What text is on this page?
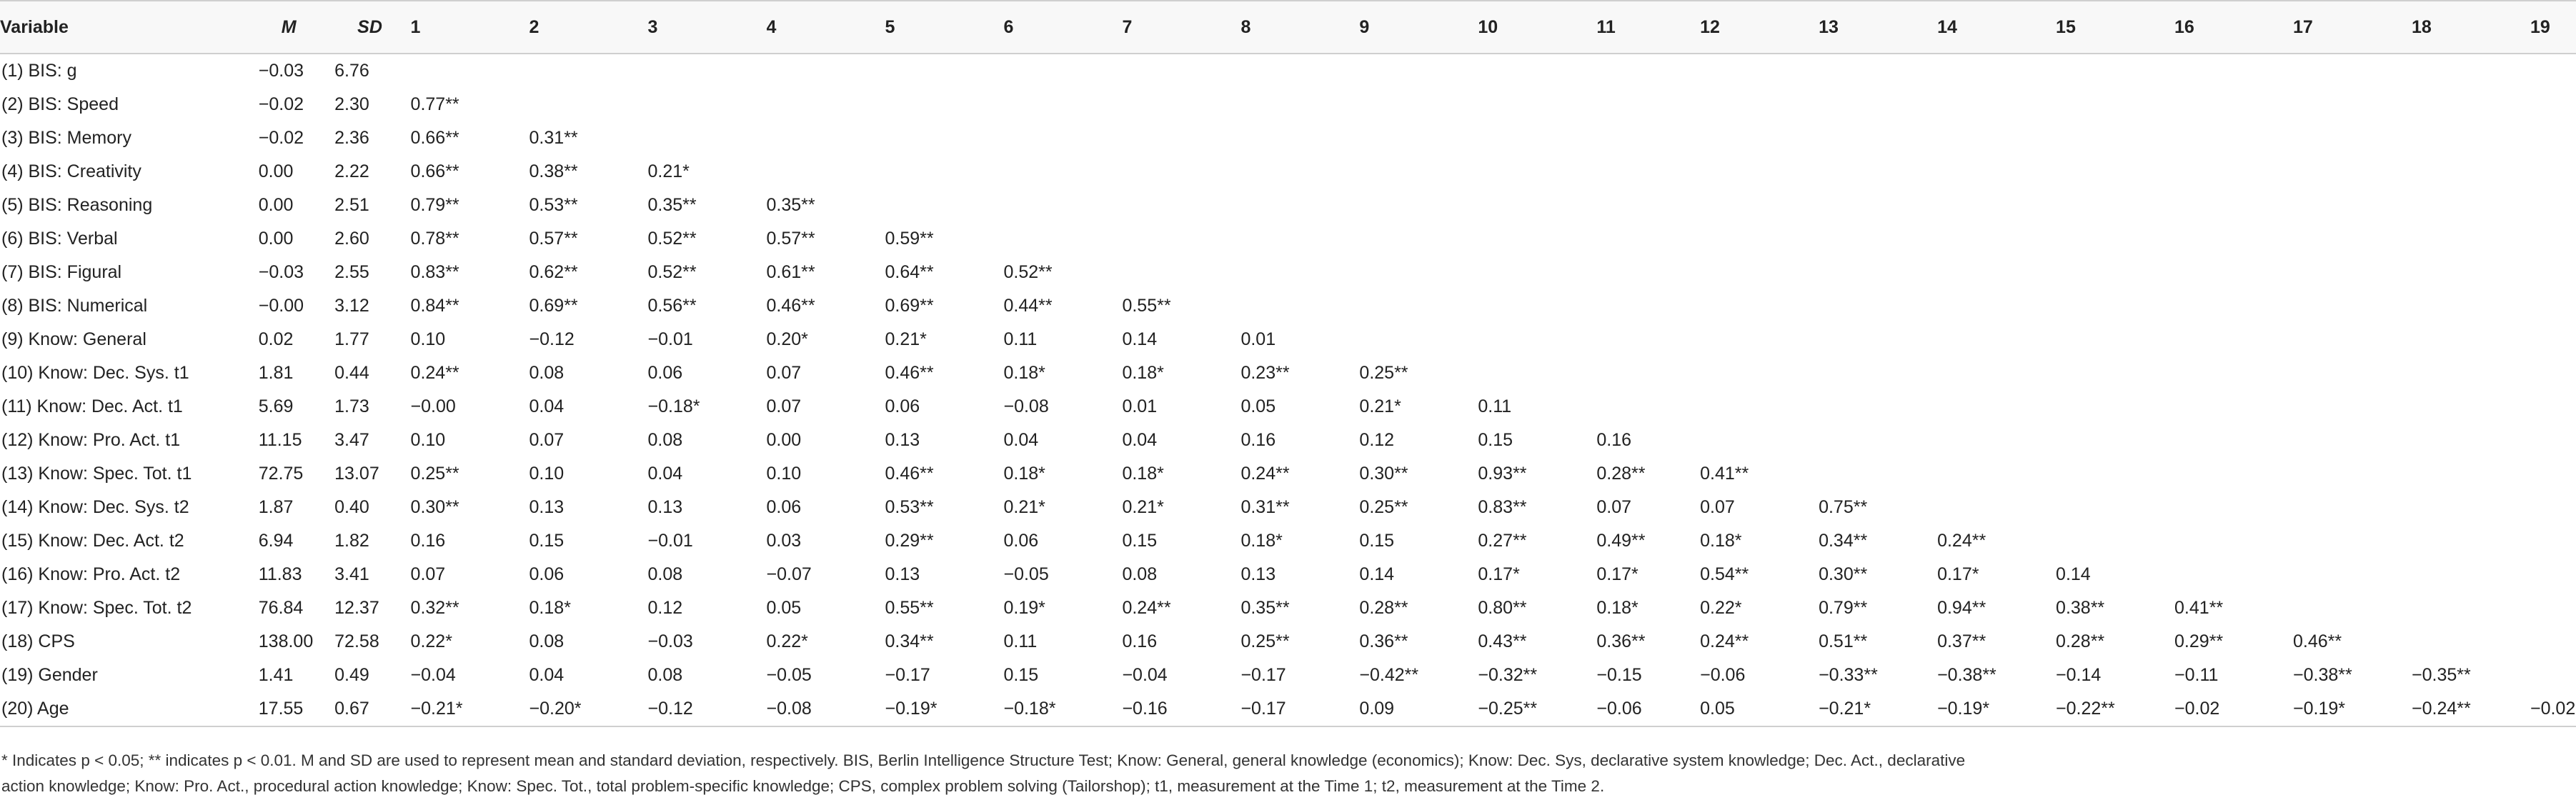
Variable	M	SD	1	2	3	4	5	6	7	8	9	10	11	12	13	14	15	16	17	18	19
(1) BIS: g	−0.03	6.76																			
(2) BIS: Speed	−0.02	2.30	0.77**																		
(3) BIS: Memory	−0.02	2.36	0.66**	0.31**																	
(4) BIS: Creativity	0.00	2.22	0.66**	0.38**	0.21*																
(5) BIS: Reasoning	0.00	2.51	0.79**	0.53**	0.35**	0.35**															
(6) BIS: Verbal	0.00	2.60	0.78**	0.57**	0.52**	0.57**	0.59**														
(7) BIS: Figural	−0.03	2.55	0.83**	0.62**	0.52**	0.61**	0.64**	0.52**													
(8) BIS: Numerical	−0.00	3.12	0.84**	0.69**	0.56**	0.46**	0.69**	0.44**	0.55**												
(9) Know: General	0.02	1.77	0.10	−0.12	−0.01	0.20*	0.21*	0.11	0.14	0.01											
(10) Know: Dec. Sys. t1	1.81	0.44	0.24**	0.08	0.06	0.07	0.46**	0.18*	0.18*	0.23**	0.25**										
(11) Know: Dec. Act. t1	5.69	1.73	−0.00	0.04	−0.18*	0.07	0.06	−0.08	0.01	0.05	0.21*	0.11									
(12) Know: Pro. Act. t1	11.15	3.47	0.10	0.07	0.08	0.00	0.13	0.04	0.04	0.16	0.12	0.15	0.16								
(13) Know: Spec. Tot. t1	72.75	13.07	0.25**	0.10	0.04	0.10	0.46**	0.18*	0.18*	0.24**	0.30**	0.93**	0.28**	0.41**							
(14) Know: Dec. Sys. t2	1.87	0.40	0.30**	0.13	0.13	0.06	0.53**	0.21*	0.21*	0.31**	0.25**	0.83**	0.07	0.07	0.75**						
(15) Know: Dec. Act. t2	6.94	1.82	0.16	0.15	−0.01	0.03	0.29**	0.06	0.15	0.18*	0.15	0.27**	0.49**	0.18*	0.34**	0.24**					
(16) Know: Pro. Act. t2	11.83	3.41	0.07	0.06	0.08	−0.07	0.13	−0.05	0.08	0.13	0.14	0.17*	0.17*	0.54**	0.30**	0.17*	0.14				
(17) Know: Spec. Tot. t2	76.84	12.37	0.32**	0.18*	0.12	0.05	0.55**	0.19*	0.24**	0.35**	0.28**	0.80**	0.18*	0.22*	0.79**	0.94**	0.38**	0.41**			
(18) CPS	138.00	72.58	0.22*	0.08	−0.03	0.22*	0.34**	0.11	0.16	0.25**	0.36**	0.43**	0.36**	0.24**	0.51**	0.37**	0.28**	0.29**	0.46**		
(19) Gender	1.41	0.49	−0.04	0.04	0.08	−0.05	−0.17	0.15	−0.04	−0.17	−0.42**	−0.32**	−0.15	−0.06	−0.33**	−0.38**	−0.14	−0.11	−0.38**	−0.35**	
(20) Age	17.55	0.67	−0.21*	−0.20*	−0.12	−0.08	−0.19*	−0.18*	−0.16	−0.17	0.09	−0.25**	−0.06	0.05	−0.21*	−0.19*	−0.22**	−0.02	−0.19*	−0.24**	−0.02
* Indicates p < 0.05; ** indicates p < 0.01. M and SD are used to represent mean and standard deviation, respectively. BIS, Berlin Intelligence Structure Test; Know: General, general knowledge (economics); Know: Dec. Sys, declarative system knowledge; Dec. Act., declarative
action knowledge; Know: Pro. Act., procedural action knowledge; Know: Spec. Tot., total problem-specific knowledge; CPS, complex problem solving (Tailorshop); t1, measurement at the Time 1; t2, measurement at the Time 2.
